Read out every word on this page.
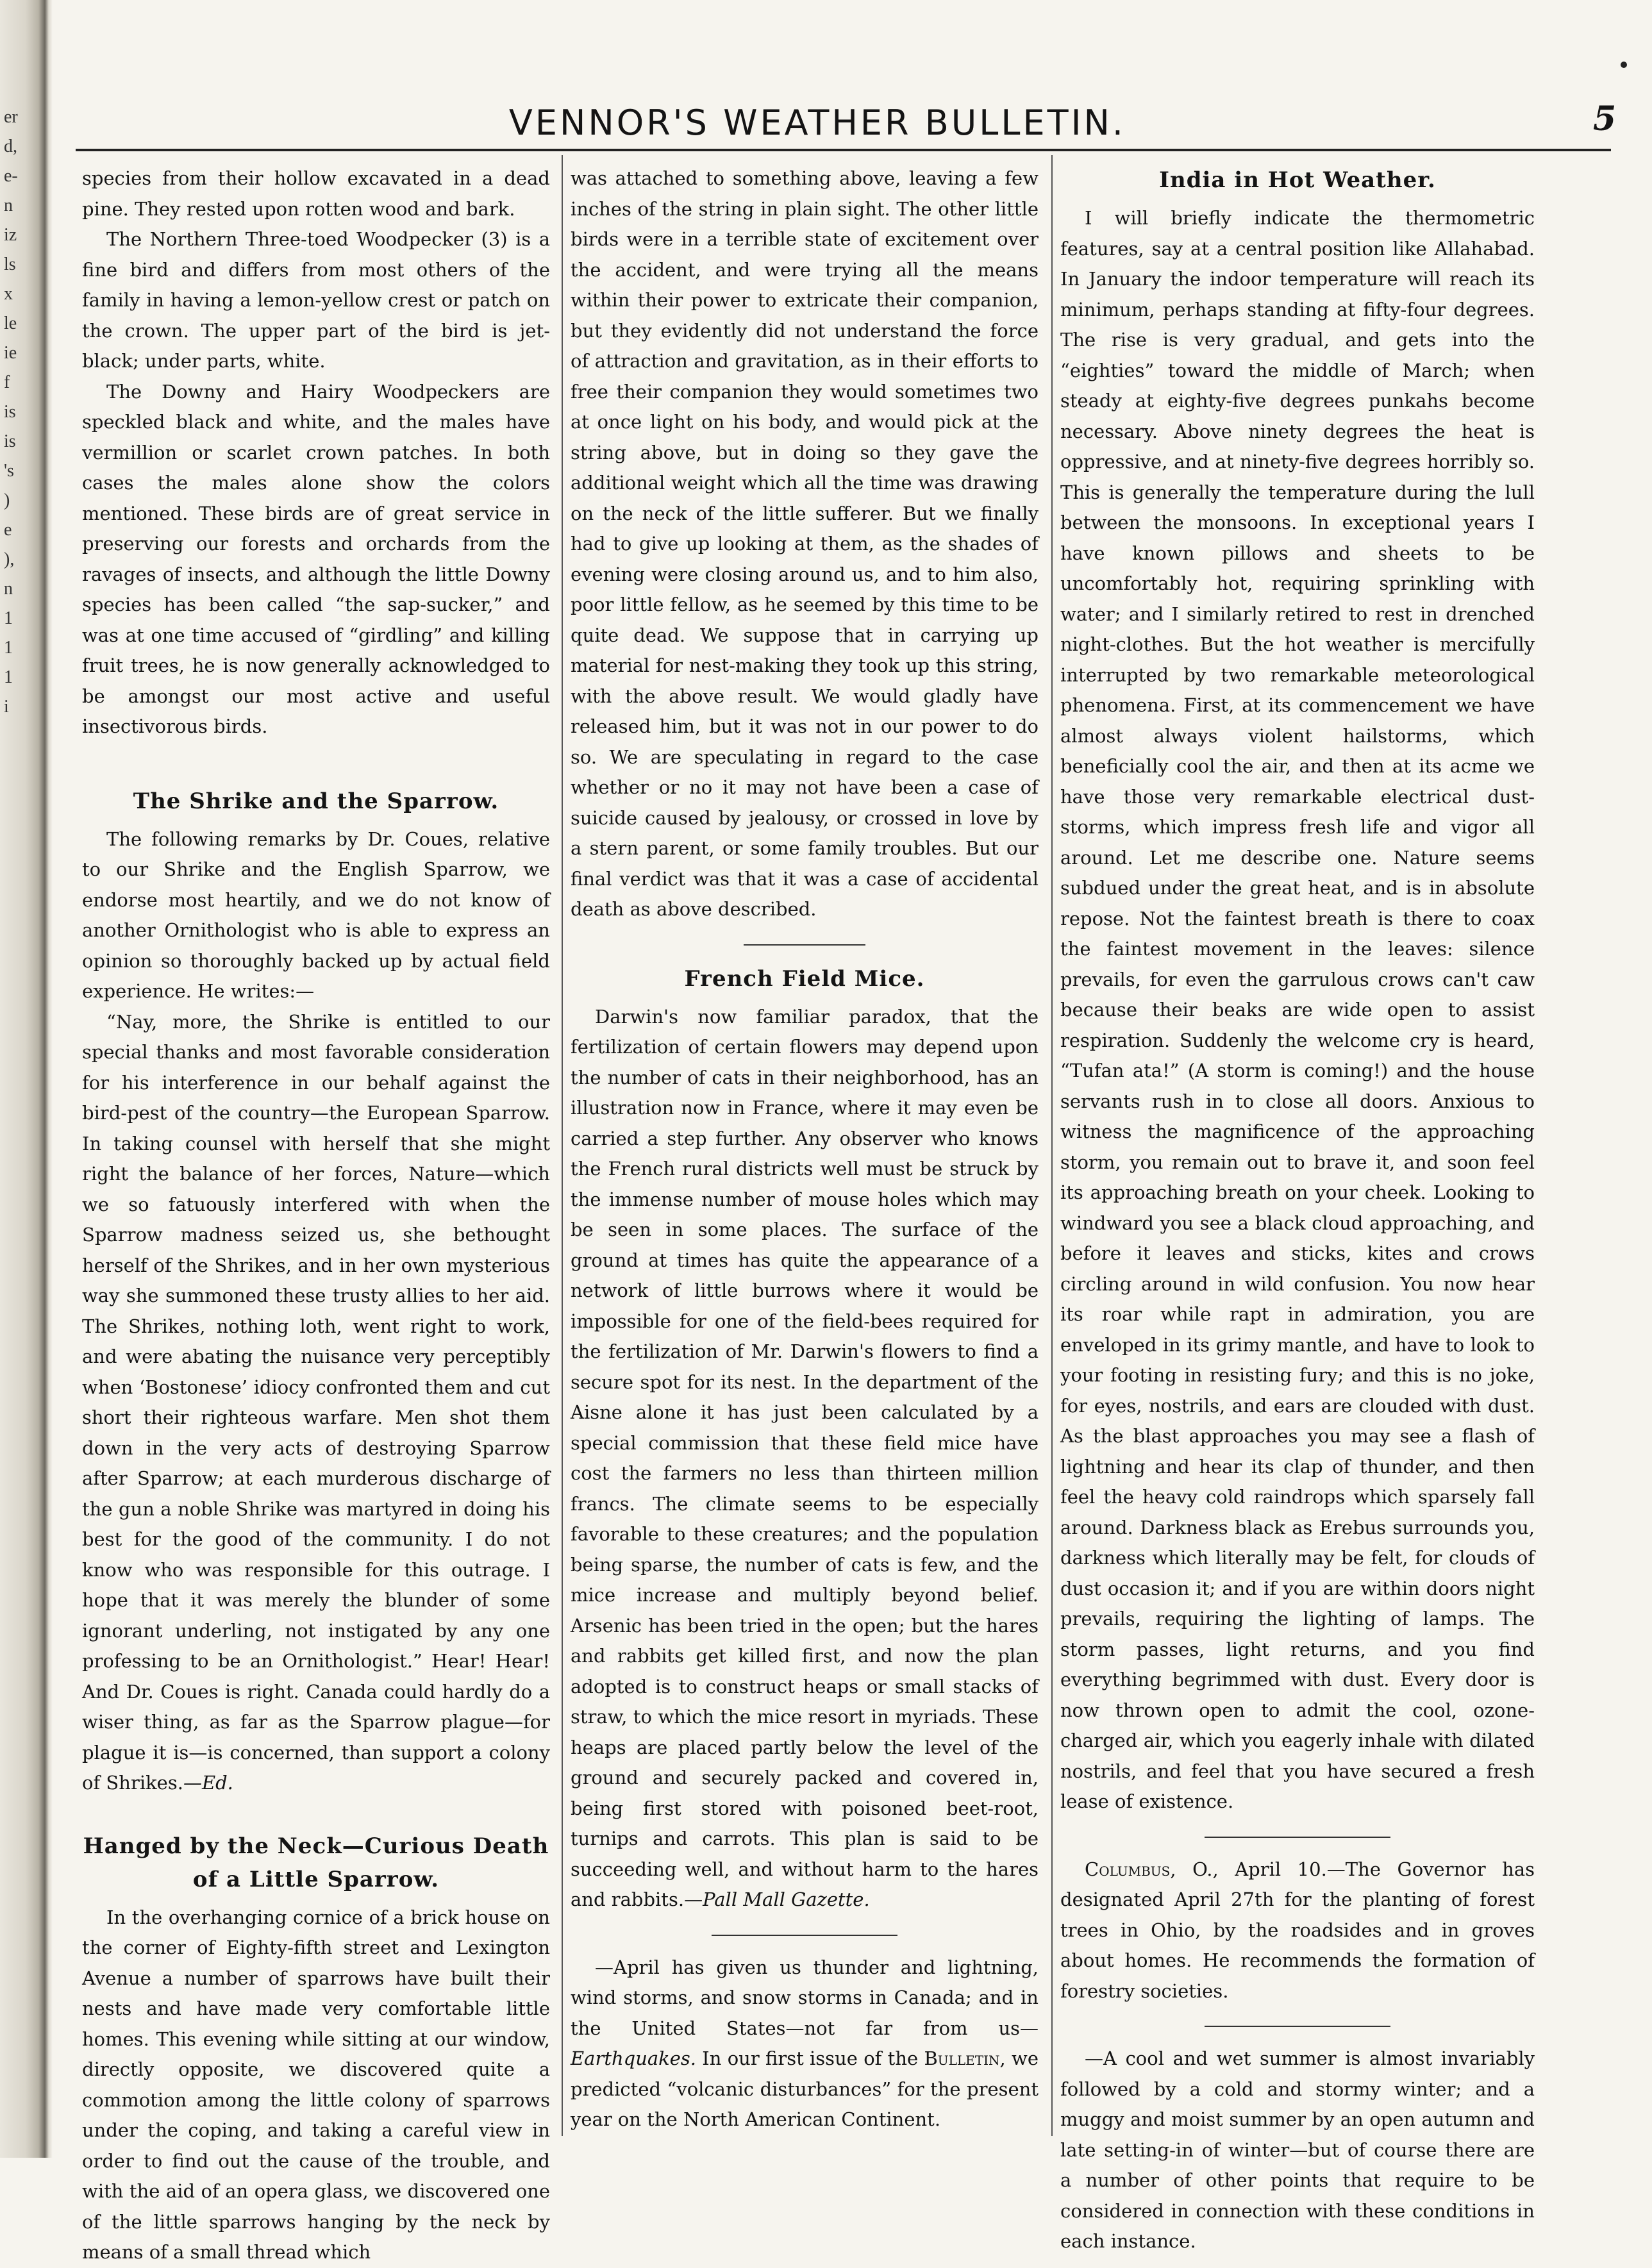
er
d,
e-
n
iz
ls
x
le
ie
f
is
is
's
)
e
),
n
1
1
1
i
VENNOR'S WEATHER BULLETIN.	5

species from their hollow excavated in a dead pine. They rested upon rotten wood and bark.

The Northern Three-toed Woodpecker (3) is a fine bird and differs from most others of the family in having a lemon-yellow crest or patch on the crown. The upper part of the bird is jet-black; under parts, white.

The Downy and Hairy Woodpeckers are speckled black and white, and the males have vermillion or scarlet crown patches. In both cases the males alone show the colors mentioned. These birds are of great service in preserving our forests and orchards from the ravages of insects, and although the little Downy species has been called “the sap-sucker,” and was at one time accused of “girdling” and killing fruit trees, he is now generally acknowledged to be amongst our most active and useful insectivorous birds.

The Shrike and the Sparrow.

The following remarks by Dr. Coues, relative to our Shrike and the English Sparrow, we endorse most heartily, and we do not know of another Ornithologist who is able to express an opinion so thoroughly backed up by actual field experience. He writes:—

“Nay, more, the Shrike is entitled to our special thanks and most favorable consideration for his interference in our behalf against the bird-pest of the country—the European Sparrow. In taking counsel with herself that she might right the balance of her forces, Nature—which we so fatuously interfered with when the Sparrow madness seized us, she bethought herself of the Shrikes, and in her own mysterious way she summoned these trusty allies to her aid. The Shrikes, nothing loth, went right to work, and were abating the nuisance very perceptibly when ‘Bostonese’ idiocy confronted them and cut short their righteous warfare. Men shot them down in the very acts of destroying Sparrow after Sparrow; at each murderous discharge of the gun a noble Shrike was martyred in doing his best for the good of the community. I do not know who was responsible for this outrage. I hope that it was merely the blunder of some ignorant underling, not instigated by any one professing to be an Ornithologist.” Hear! Hear! And Dr. Coues is right. Canada could hardly do a wiser thing, as far as the Sparrow plague—for plague it is—is concerned, than support a colony of Shrikes.—Ed.

Hanged by the Neck—Curious Death of a Little Sparrow.

In the overhanging cornice of a brick house on the corner of Eighty-fifth street and Lexington Avenue a number of sparrows have built their nests and have made very comfortable little homes. This evening while sitting at our window, directly opposite, we discovered quite a commotion among the little colony of sparrows under the coping, and taking a careful view in order to find out the cause of the trouble, and with the aid of an opera glass, we discovered one of the little sparrows hanging by the neck by means of a small thread which

was attached to something above, leaving a few inches of the string in plain sight. The other little birds were in a terrible state of excitement over the accident, and were trying all the means within their power to extricate their companion, but they evidently did not understand the force of attraction and gravitation, as in their efforts to free their companion they would sometimes two at once light on his body, and would pick at the string above, but in doing so they gave the additional weight which all the time was drawing on the neck of the little sufferer. But we finally had to give up looking at them, as the shades of evening were closing around us, and to him also, poor little fellow, as he seemed by this time to be quite dead. We suppose that in carrying up material for nest-making they took up this string, with the above result. We would gladly have released him, but it was not in our power to do so. We are speculating in regard to the case whether or no it may not have been a case of suicide caused by jealousy, or crossed in love by a stern parent, or some family troubles. But our final verdict was that it was a case of accidental death as above described.

French Field Mice.

Darwin's now familiar paradox, that the fertilization of certain flowers may depend upon the number of cats in their neighborhood, has an illustration now in France, where it may even be carried a step further. Any observer who knows the French rural districts well must be struck by the immense number of mouse holes which may be seen in some places. The surface of the ground at times has quite the appearance of a network of little burrows where it would be impossible for one of the field-bees required for the fertilization of Mr. Darwin's flowers to find a secure spot for its nest. In the department of the Aisne alone it has just been calculated by a special commission that these field mice have cost the farmers no less than thirteen million francs. The climate seems to be especially favorable to these creatures; and the population being sparse, the number of cats is few, and the mice increase and multiply beyond belief. Arsenic has been tried in the open; but the hares and rabbits get killed first, and now the plan adopted is to construct heaps or small stacks of straw, to which the mice resort in myriads. These heaps are placed partly below the level of the ground and securely packed and covered in, being first stored with poisoned beet-root, turnips and carrots. This plan is said to be succeeding well, and without harm to the hares and rabbits.—Pall Mall Gazette.

—April has given us thunder and lightning, wind storms, and snow storms in Canada; and in the United States—not far from us—Earthquakes. In our first issue of the Bulletin, we predicted “volcanic disturbances” for the present year on the North American Continent.

India in Hot Weather.

I will briefly indicate the thermometric features, say at a central position like Allahabad. In January the indoor temperature will reach its minimum, perhaps standing at fifty-four degrees. The rise is very gradual, and gets into the “eighties” toward the middle of March; when steady at eighty-five degrees punkahs become necessary. Above ninety degrees the heat is oppressive, and at ninety-five degrees horribly so. This is generally the temperature during the lull between the monsoons. In exceptional years I have known pillows and sheets to be uncomfortably hot, requiring sprinkling with water; and I similarly retired to rest in drenched night-clothes. But the hot weather is mercifully interrupted by two remarkable meteorological phenomena. First, at its commencement we have almost always violent hailstorms, which beneficially cool the air, and then at its acme we have those very remarkable electrical dust-storms, which impress fresh life and vigor all around. Let me describe one. Nature seems subdued under the great heat, and is in absolute repose. Not the faintest breath is there to coax the faintest movement in the leaves: silence prevails, for even the garrulous crows can't caw because their beaks are wide open to assist respiration. Suddenly the welcome cry is heard, “Tufan ata!” (A storm is coming!) and the house servants rush in to close all doors. Anxious to witness the magnificence of the approaching storm, you remain out to brave it, and soon feel its approaching breath on your cheek. Looking to windward you see a black cloud approaching, and before it leaves and sticks, kites and crows circling around in wild confusion. You now hear its roar while rapt in admiration, you are enveloped in its grimy mantle, and have to look to your footing in resisting fury; and this is no joke, for eyes, nostrils, and ears are clouded with dust. As the blast approaches you may see a flash of lightning and hear its clap of thunder, and then feel the heavy cold raindrops which sparsely fall around. Darkness black as Erebus surrounds you, darkness which literally may be felt, for clouds of dust occasion it; and if you are within doors night prevails, requiring the lighting of lamps. The storm passes, light returns, and you find everything begrimmed with dust. Every door is now thrown open to admit the cool, ozone-charged air, which you eagerly inhale with dilated nostrils, and feel that you have secured a fresh lease of existence.

Columbus, O., April 10.—The Governor has designated April 27th for the planting of forest trees in Ohio, by the roadsides and in groves about homes. He recommends the formation of forestry societies.

—A cool and wet summer is almost invariably followed by a cold and stormy winter; and a muggy and moist summer by an open autumn and late setting-in of winter—but of course there are a number of other points that require to be considered in connection with these conditions in each instance.
